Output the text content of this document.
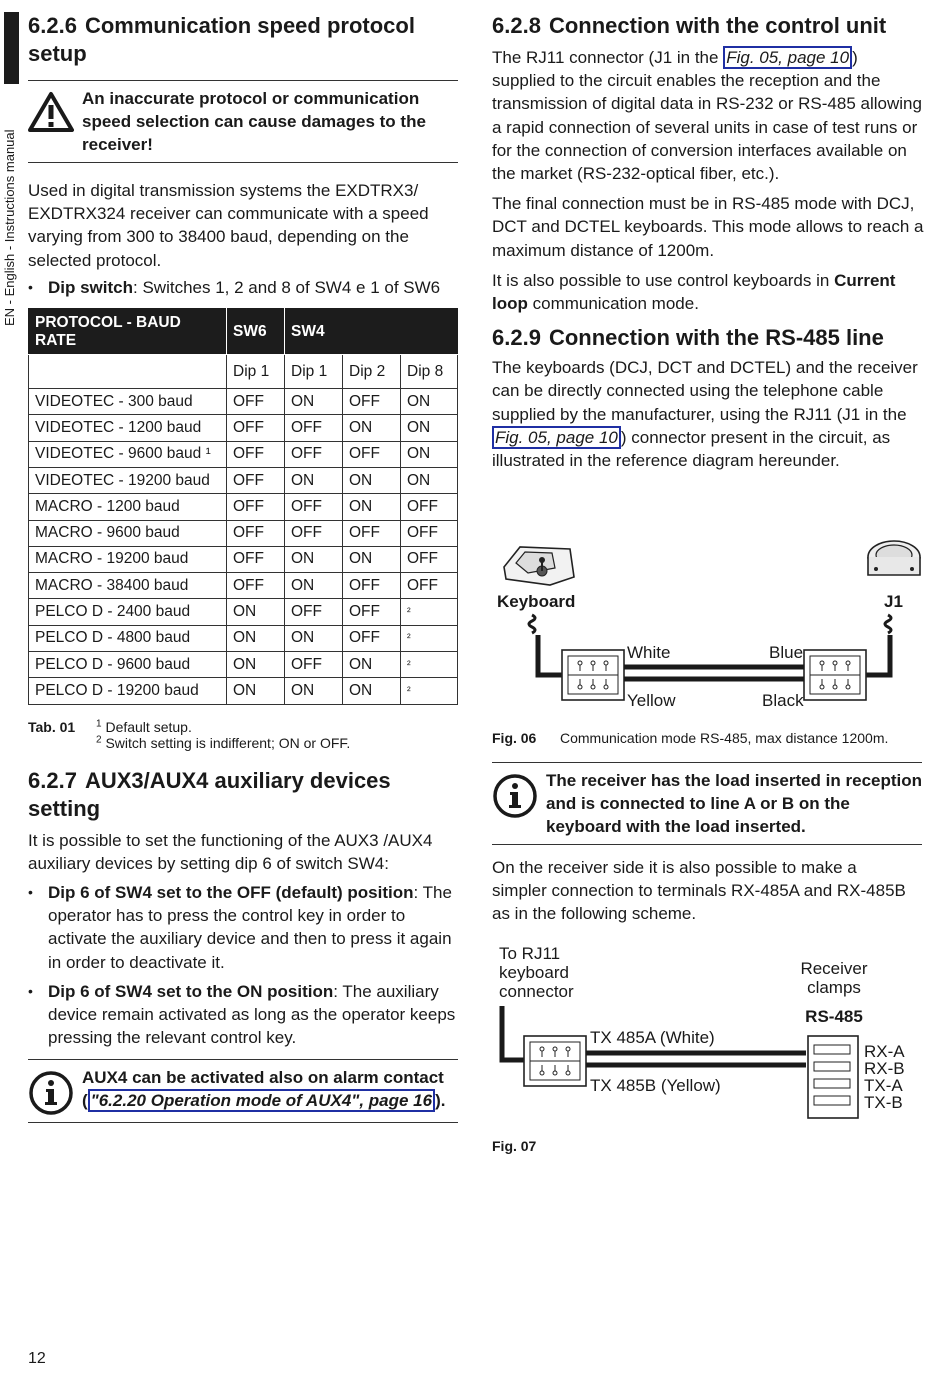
EN - English - Instructions manual
6.2.6 Communication speed protocol setup
An inaccurate protocol or communication speed selection can cause damages to the receiver!

Used in digital transmission systems the EXDTRX3/ EXDTRX324 receiver can communicate with a speed varying from 300 to 38400 baud, depending on the selected protocol.

• Dip switch: Switches 1, 2 and 8 of SW4 e 1 of SW6
PROTOCOL - BAUD RATE	SW6	SW4		
	Dip 1	Dip 1	Dip 2	Dip 8
VIDEOTEC - 300 baud	OFF	ON	OFF	ON
VIDEOTEC - 1200 baud	OFF	OFF	ON	ON
VIDEOTEC - 9600 baud ¹	OFF	OFF	OFF	ON
VIDEOTEC - 19200 baud	OFF	ON	ON	ON
MACRO - 1200 baud	OFF	OFF	ON	OFF
MACRO - 9600 baud	OFF	OFF	OFF	OFF
MACRO - 19200 baud	OFF	ON	ON	OFF
MACRO - 38400 baud	OFF	ON	OFF	OFF
PELCO D - 2400 baud	ON	OFF	OFF	²
PELCO D - 4800 baud	ON	ON	OFF	²
PELCO D - 9600 baud	ON	OFF	ON	²
PELCO D - 19200 baud	ON	ON	ON	²
Tab. 01	$^1$ Default setup.
$^2$ Switch setting is indifferent; ON or OFF.
6.2.7 AUX3/AUX4 auxiliary devices setting

It is possible to set the functioning of the AUX3 /AUX4 auxiliary devices by setting dip 6 of switch SW4:

• Dip 6 of SW4 set to the OFF (default) position: The operator has to press the control key in order to activate the auxiliary device and then to press it again in order to deactivate it.
• Dip 6 of SW4 set to the ON position: The auxiliary device remain activated as long as the operator keeps pressing the relevant control key.
AUX4 can be activated also on alarm contact ( "6.2.20 Operation mode of AUX4", page 16 ).
6.2.8 Connection with the control unit

The RJ11 connector (J1 in the Fig. 05, page 10 ) supplied to the circuit enables the reception and the transmission of digital data in RS-232 or RS-485 allowing a rapid connection of several units in case of test runs or for the connection of conversion interfaces available on the market (RS-232-optical fiber, etc.).

The final connection must be in RS-485 mode with DCJ, DCT and DCTEL keyboards. This mode allows to reach a maximum distance of 1200m.

It is also possible to use control keyboards in Current loop communication mode.

6.2.9 Connection with the RS-485 line

The keyboards (DCJ, DCT and DCTEL) and the receiver can be directly connected using the telephone cable supplied by the manufacturer, using the RJ11 (J1 in the Fig. 05, page 10 ) connector present in the circuit, as illustrated in the reference diagram hereunder.

Keyboard	J1
White	Blue
Yellow	Black
Fig. 06	Communication mode RS-485, max distance 1200m.
The receiver has the load inserted in reception and is connected to line A or B on the keyboard with the load inserted.

On the receiver side it is also possible to make a simpler connection to terminals RX-485A and RX-485B as in the following scheme.

To RJ11
keyboard
connector
Receiver
clamps
RS-485
TX 485A (White)
TX 485B (Yellow)
RX-A
RX-B
TX-A
TX-B
Fig. 07
12
